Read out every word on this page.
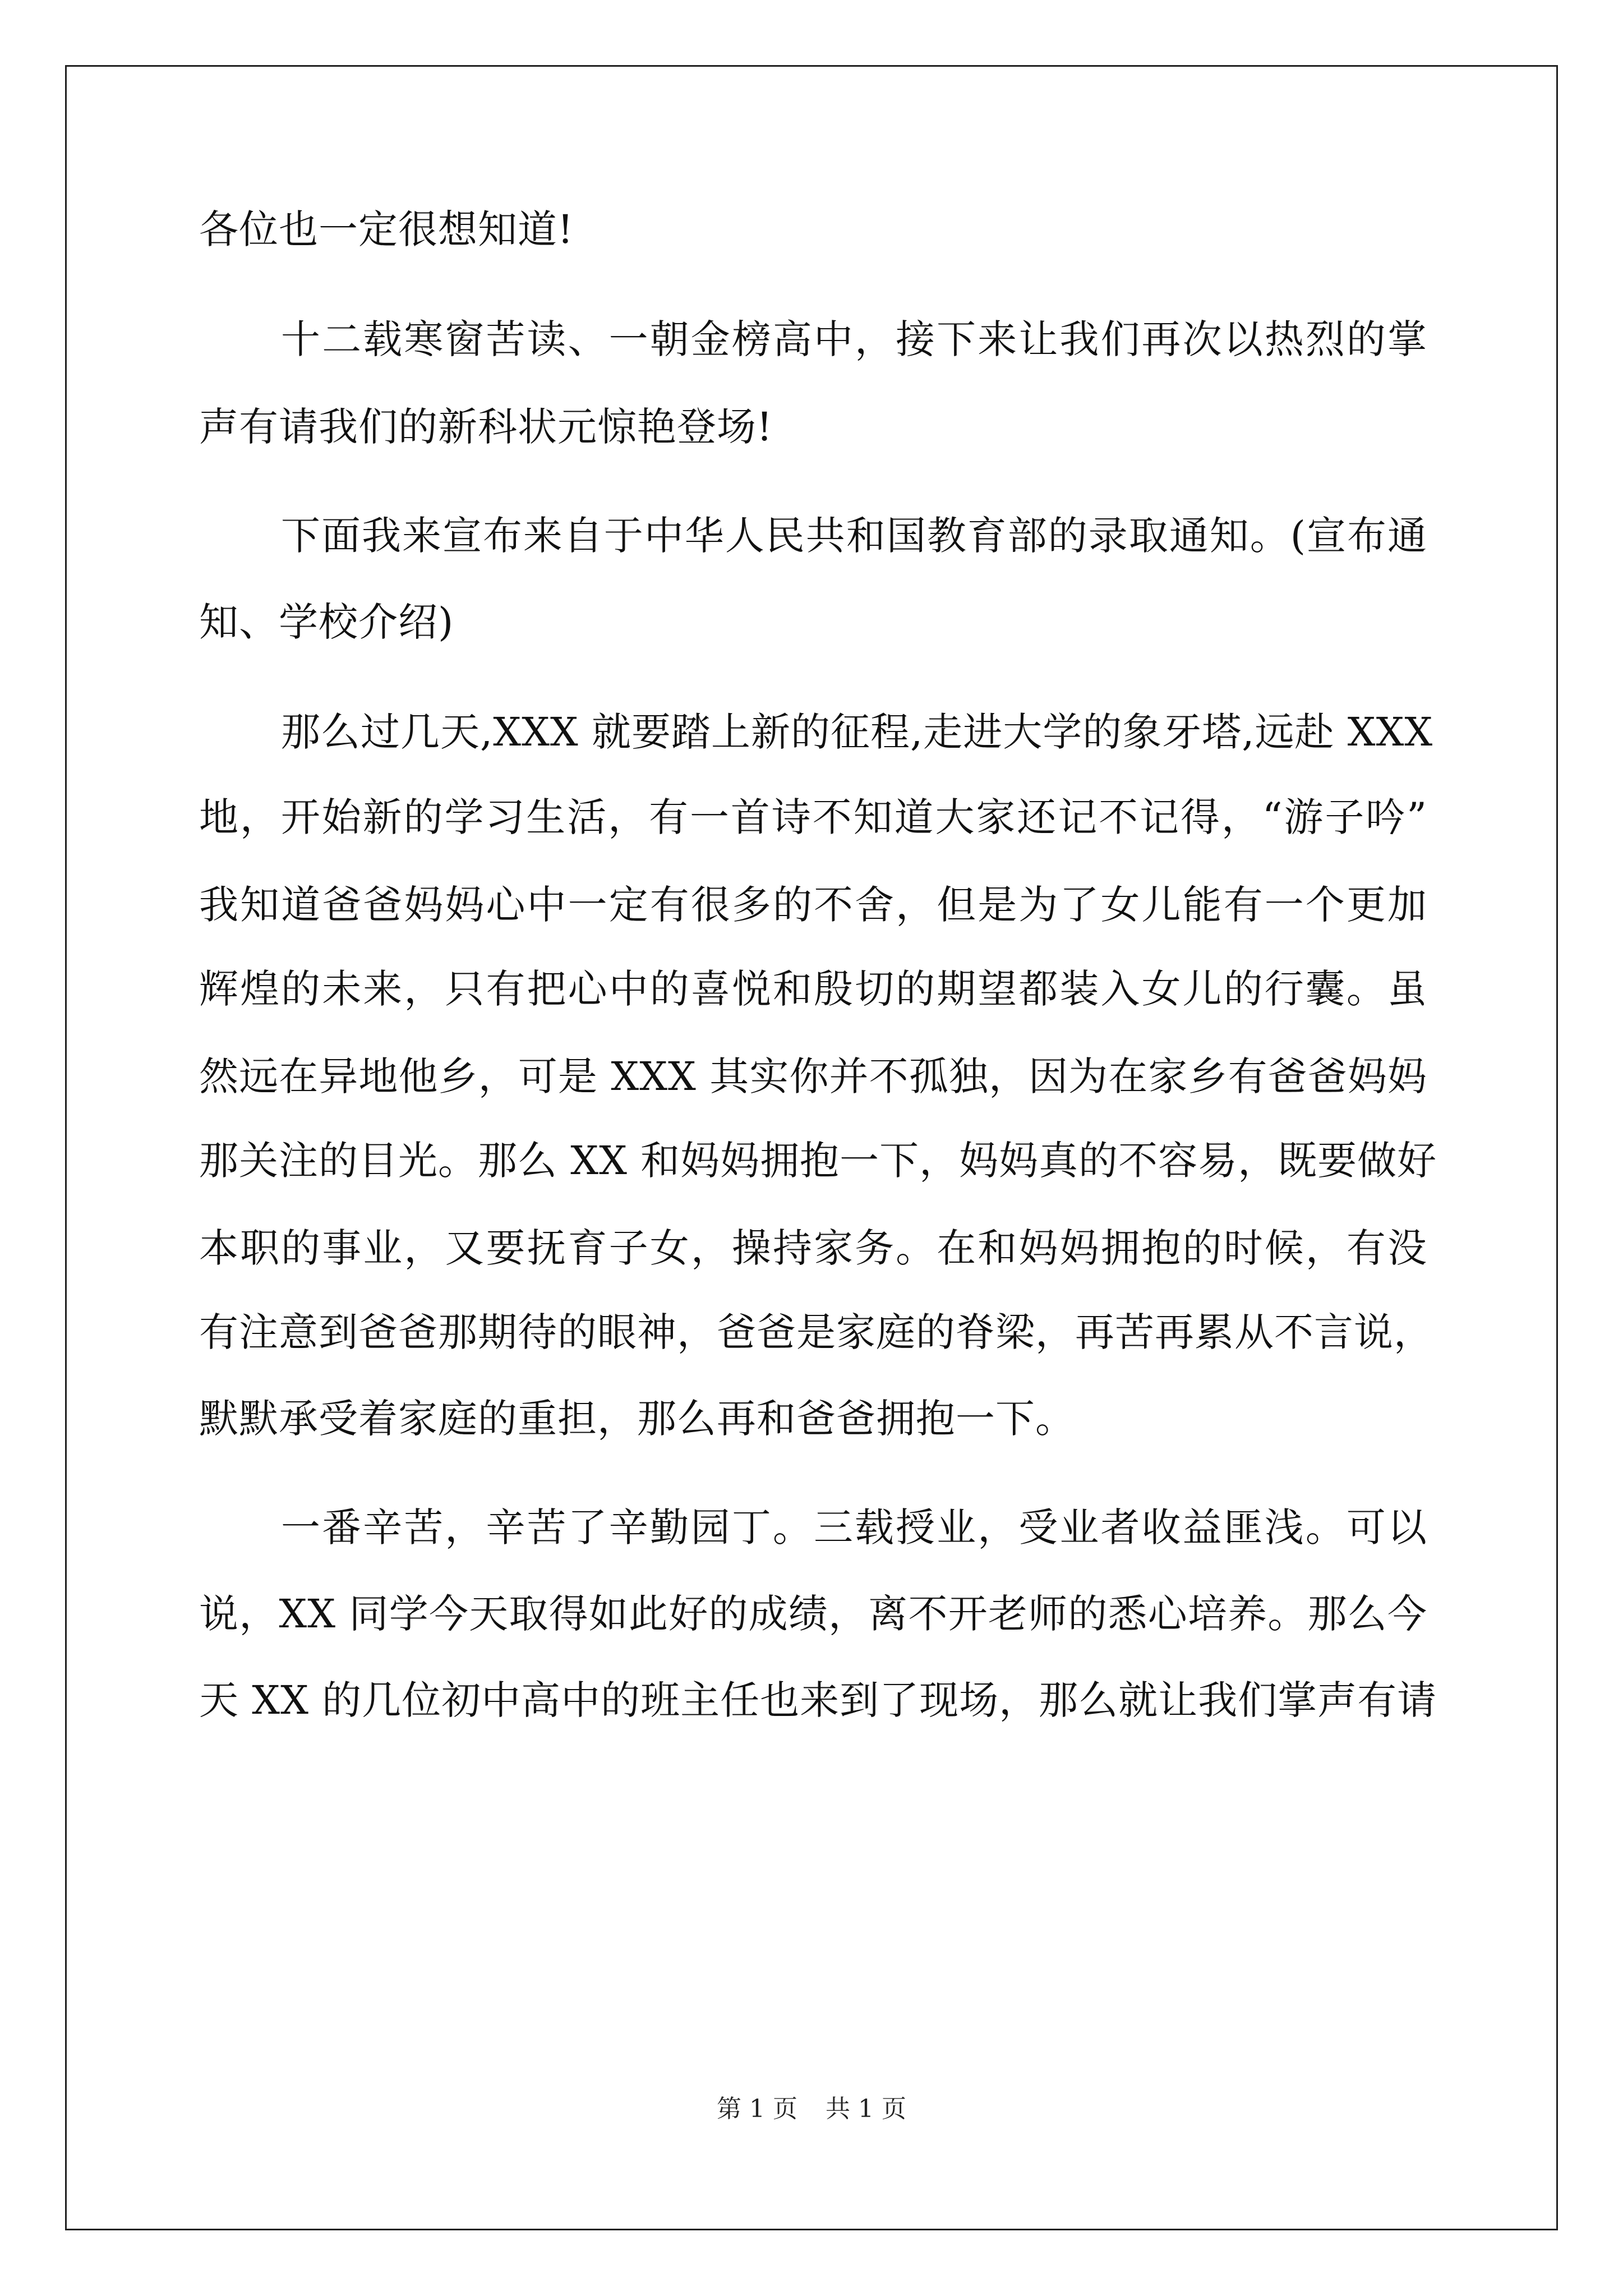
各位也一定很想知道!
十二载寒窗苦读、一朝金榜高中，接下来让我们再次以热烈的掌
声有请我们的新科状元惊艳登场!
下面我来宣布来自于中华人民共和国教育部的录取通知。(宣布通
知、学校介绍)
那么过几天,XXX 就要踏上新的征程,走进大学的象牙塔,远赴 XXX
地，开始新的学习生活，有一首诗不知道大家还记不记得，“游子吟”
我知道爸爸妈妈心中一定有很多的不舍，但是为了女儿能有一个更加
辉煌的未来，只有把心中的喜悦和殷切的期望都装入女儿的行囊。虽
然远在异地他乡，可是 XXX 其实你并不孤独，因为在家乡有爸爸妈妈
那关注的目光。那么 XX 和妈妈拥抱一下，妈妈真的不容易，既要做好
本职的事业，又要抚育子女，操持家务。在和妈妈拥抱的时候，有没
有注意到爸爸那期待的眼神，爸爸是家庭的脊梁，再苦再累从不言说，
默默承受着家庭的重担，那么再和爸爸拥抱一下。
一番辛苦，辛苦了辛勤园丁。三载授业，受业者收益匪浅。可以
说，XX 同学今天取得如此好的成绩，离不开老师的悉心培养。那么今
天 XX 的几位初中高中的班主任也来到了现场，那么就让我们掌声有请
第 1 页 共 1 页
